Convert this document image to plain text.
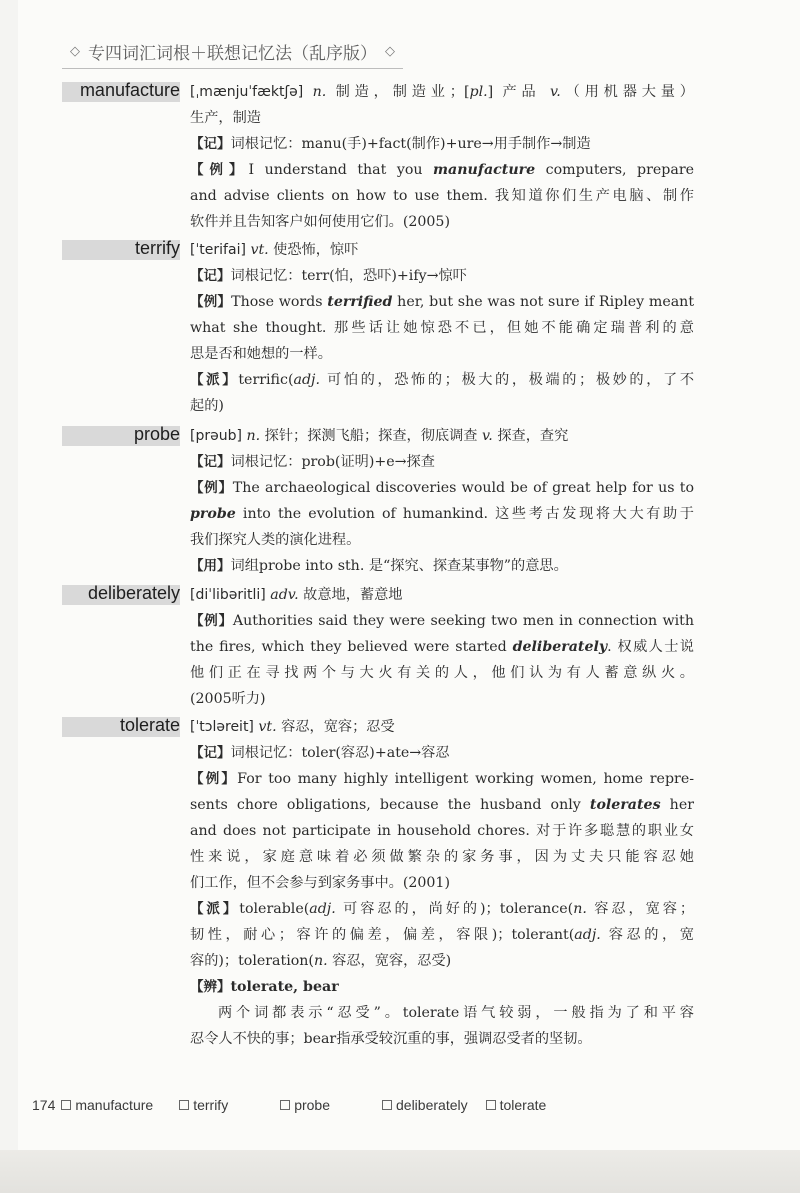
◇ 专四词汇词根＋联想记忆法（乱序版） ◇
manufacture [ˌmænjuˈfæktʃə] n. 制造，制造业；[pl.] 产品 v.（用机器大量）
生产，制造
【记】词根记忆：manu(手)+fact(制作)+ure→用手制作→制造
【例】I understand that you manufacture computers, prepare
and advise clients on how to use them. 我知道你们生产电脑、制作
软件并且告知客户如何使用它们。(2005)
terrify [ˈterifai] vt. 使恐怖，惊吓
【记】词根记忆：terr(怕，恐吓)+ify→惊吓
【例】Those words terrified her, but she was not sure if Ripley meant
what she thought. 那些话让她惊恐不已，但她不能确定瑞普利的意
思是否和她想的一样。
【派】terrific(adj. 可怕的，恐怖的；极大的，极端的；极妙的，了不
起的)
probe [prəub] n. 探针；探测飞船；探查，彻底调查 v. 探查，查究
【记】词根记忆：prob(证明)+e→探查
【例】The archaeological discoveries would be of great help for us to
probe into the evolution of humankind. 这些考古发现将大大有助于
我们探究人类的演化进程。
【用】词组probe into sth. 是“探究、探查某事物”的意思。
deliberately [diˈlibəritli] adv. 故意地，蓄意地
【例】Authorities said they were seeking two men in connection with
the fires, which they believed were started deliberately. 权威人士说
他们正在寻找两个与大火有关的人，他们认为有人蓄意纵火。
(2005听力)
tolerate [ˈtɔləreit] vt. 容忍，宽容；忍受
【记】词根记忆：toler(容忍)+ate→容忍
【例】For too many highly intelligent working women, home repre-
sents chore obligations, because the husband only tolerates her
and does not participate in household chores. 对于许多聪慧的职业女
性来说，家庭意味着必须做繁杂的家务事，因为丈夫只能容忍她
们工作，但不会参与到家务事中。(2001)
【派】tolerable(adj. 可容忍的，尚好的)；tolerance(n. 容忍，宽容；
韧性，耐心；容许的偏差，偏差，容限)；tolerant(adj. 容忍的，宽
容的)；toleration(n. 容忍，宽容，忍受)
【辨】tolerate, bear
两个词都表示“忍受”。tolerate语气较弱，一般指为了和平容
忍令人不快的事；bear指承受较沉重的事，强调忍受者的坚韧。
174 manufacture	terrify	probe	deliberately tolerate
